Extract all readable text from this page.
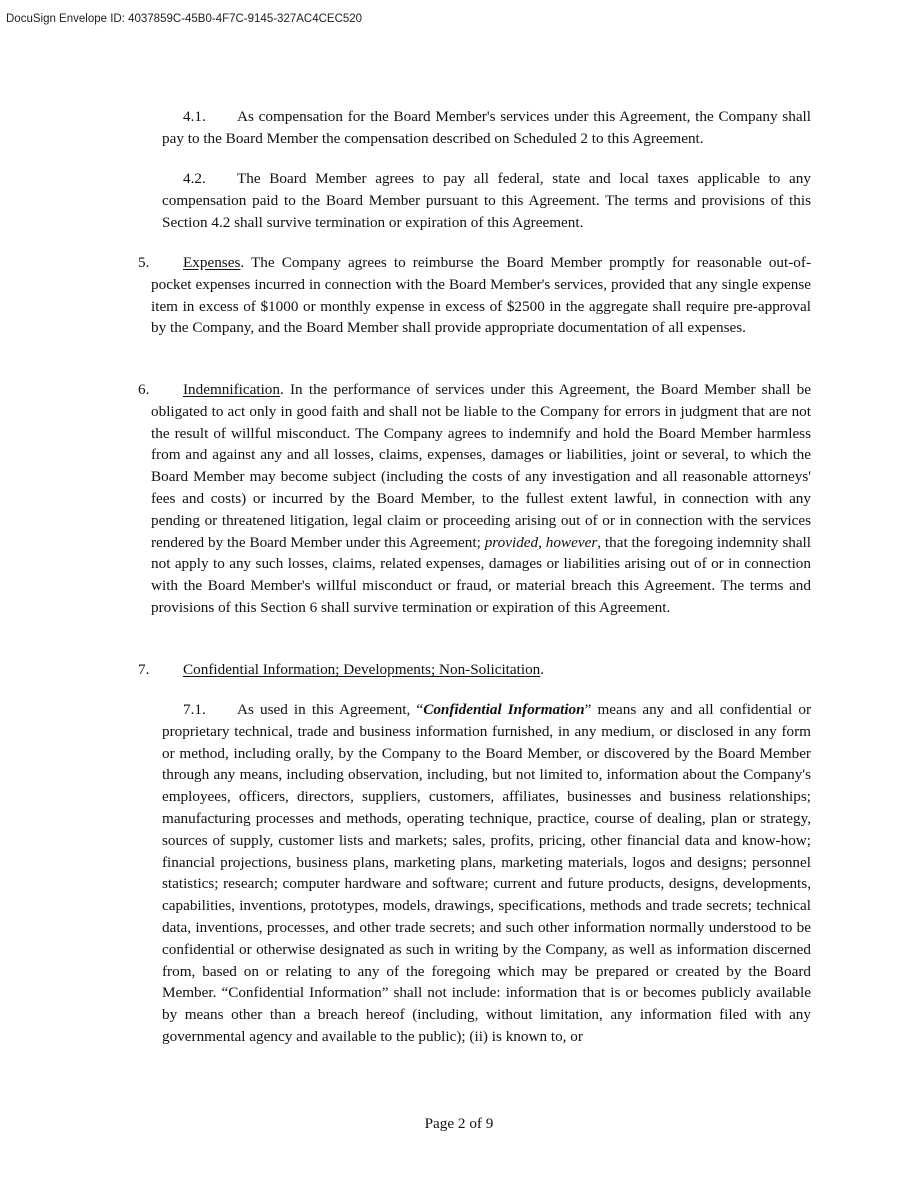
DocuSign Envelope ID: 4037859C-45B0-4F7C-9145-327AC4CEC520

4.1. As compensation for the Board Member's services under this Agreement, the Company shall pay to the Board Member the compensation described on Scheduled 2 to this Agreement.

4.2. The Board Member agrees to pay all federal, state and local taxes applicable to any compensation paid to the Board Member pursuant to this Agreement. The terms and provisions of this Section 4.2 shall survive termination or expiration of this Agreement.

5. Expenses. The Company agrees to reimburse the Board Member promptly for reasonable out-of-pocket expenses incurred in connection with the Board Member's services, provided that any single expense item in excess of $1000 or monthly expense in excess of $2500 in the aggregate shall require pre-approval by the Company, and the Board Member shall provide appropriate documentation of all expenses.

6. Indemnification. In the performance of services under this Agreement, the Board Member shall be obligated to act only in good faith and shall not be liable to the Company for errors in judgment that are not the result of willful misconduct. The Company agrees to indemnify and hold the Board Member harmless from and against any and all losses, claims, expenses, damages or liabilities, joint or several, to which the Board Member may become subject (including the costs of any investigation and all reasonable attorneys' fees and costs) or incurred by the Board Member, to the fullest extent lawful, in connection with any pending or threatened litigation, legal claim or proceeding arising out of or in connection with the services rendered by the Board Member under this Agreement; provided, however, that the foregoing indemnity shall not apply to any such losses, claims, related expenses, damages or liabilities arising out of or in connection with the Board Member's willful misconduct or fraud, or material breach this Agreement. The terms and provisions of this Section 6 shall survive termination or expiration of this Agreement.

7. Confidential Information; Developments; Non-Solicitation.

7.1. As used in this Agreement, “Confidential Information” means any and all confidential or proprietary technical, trade and business information furnished, in any medium, or disclosed in any form or method, including orally, by the Company to the Board Member, or discovered by the Board Member through any means, including observation, including, but not limited to, information about the Company's employees, officers, directors, suppliers, customers, affiliates, businesses and business relationships; manufacturing processes and methods, operating technique, practice, course of dealing, plan or strategy, sources of supply, customer lists and markets; sales, profits, pricing, other financial data and know-how; financial projections, business plans, marketing plans, marketing materials, logos and designs; personnel statistics; research; computer hardware and software; current and future products, designs, developments, capabilities, inventions, prototypes, models, drawings, specifications, methods and trade secrets; technical data, inventions, processes, and other trade secrets; and such other information normally understood to be confidential or otherwise designated as such in writing by the Company, as well as information discerned from, based on or relating to any of the foregoing which may be prepared or created by the Board Member. “Confidential Information” shall not include: information that is or becomes publicly available by means other than a breach hereof (including, without limitation, any information filed with any governmental agency and available to the public); (ii) is known to, or

Page 2 of 9
